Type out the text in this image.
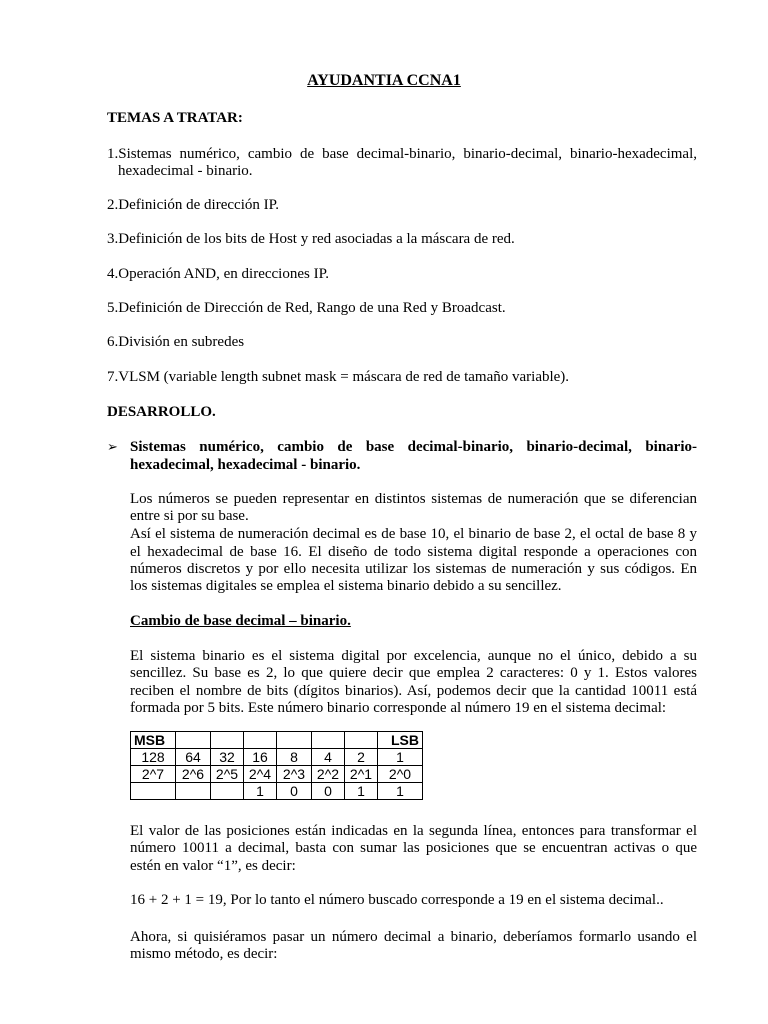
AYUDANTIA CCNA1
TEMAS A TRATAR:
1.Sistemas numérico, cambio de base decimal-binario, binario-decimal, binario-hexadecimal,
hexadecimal - binario.
2.Definición de dirección IP.
3.Definición de los bits de Host y red asociadas a la máscara de red.
4.Operación AND, en direcciones IP.
5.Definición de Dirección de Red, Rango de una Red y Broadcast.
6.División en subredes
7.VLSM (variable length subnet mask = máscara de red de tamaño variable).
DESARROLLO.
➢ Sistemas numérico, cambio de base decimal-binario, binario-decimal, binario-
hexadecimal, hexadecimal - binario.
Los números se pueden representar en distintos sistemas de numeración que se diferencian
entre si por su base.
Así el sistema de numeración decimal es de base 10, el binario de base 2, el octal de base 8 y
el hexadecimal de base 16. El diseño de todo sistema digital responde a operaciones con
números discretos y por ello necesita utilizar los sistemas de numeración y sus códigos. En
los sistemas digitales se emplea el sistema binario debido a su sencillez.
Cambio de base decimal – binario.
El sistema binario es el sistema digital por excelencia, aunque no el único, debido a su
sencillez. Su base es 2, lo que quiere decir que emplea 2 caracteres: 0 y 1. Estos valores
reciben el nombre de bits (dígitos binarios). Así, podemos decir que la cantidad 10011 está
formada por 5 bits. Este número binario corresponde al número 19 en el sistema decimal:
MSB							LSB
128	64	32	16	8	4	2	1
2^7	2^6	2^5	2^4	2^3	2^2	2^1	2^0
			1	0	0	1	1
El valor de las posiciones están indicadas en la segunda línea, entonces para transformar el
número 10011 a decimal, basta con sumar las posiciones que se encuentran activas o que
estén en valor “1”, es decir:
16 + 2 + 1 = 19, Por lo tanto el número buscado corresponde a 19 en el sistema decimal..
Ahora, si quisiéramos pasar un número decimal a binario, deberíamos formarlo usando el
mismo método, es decir:
